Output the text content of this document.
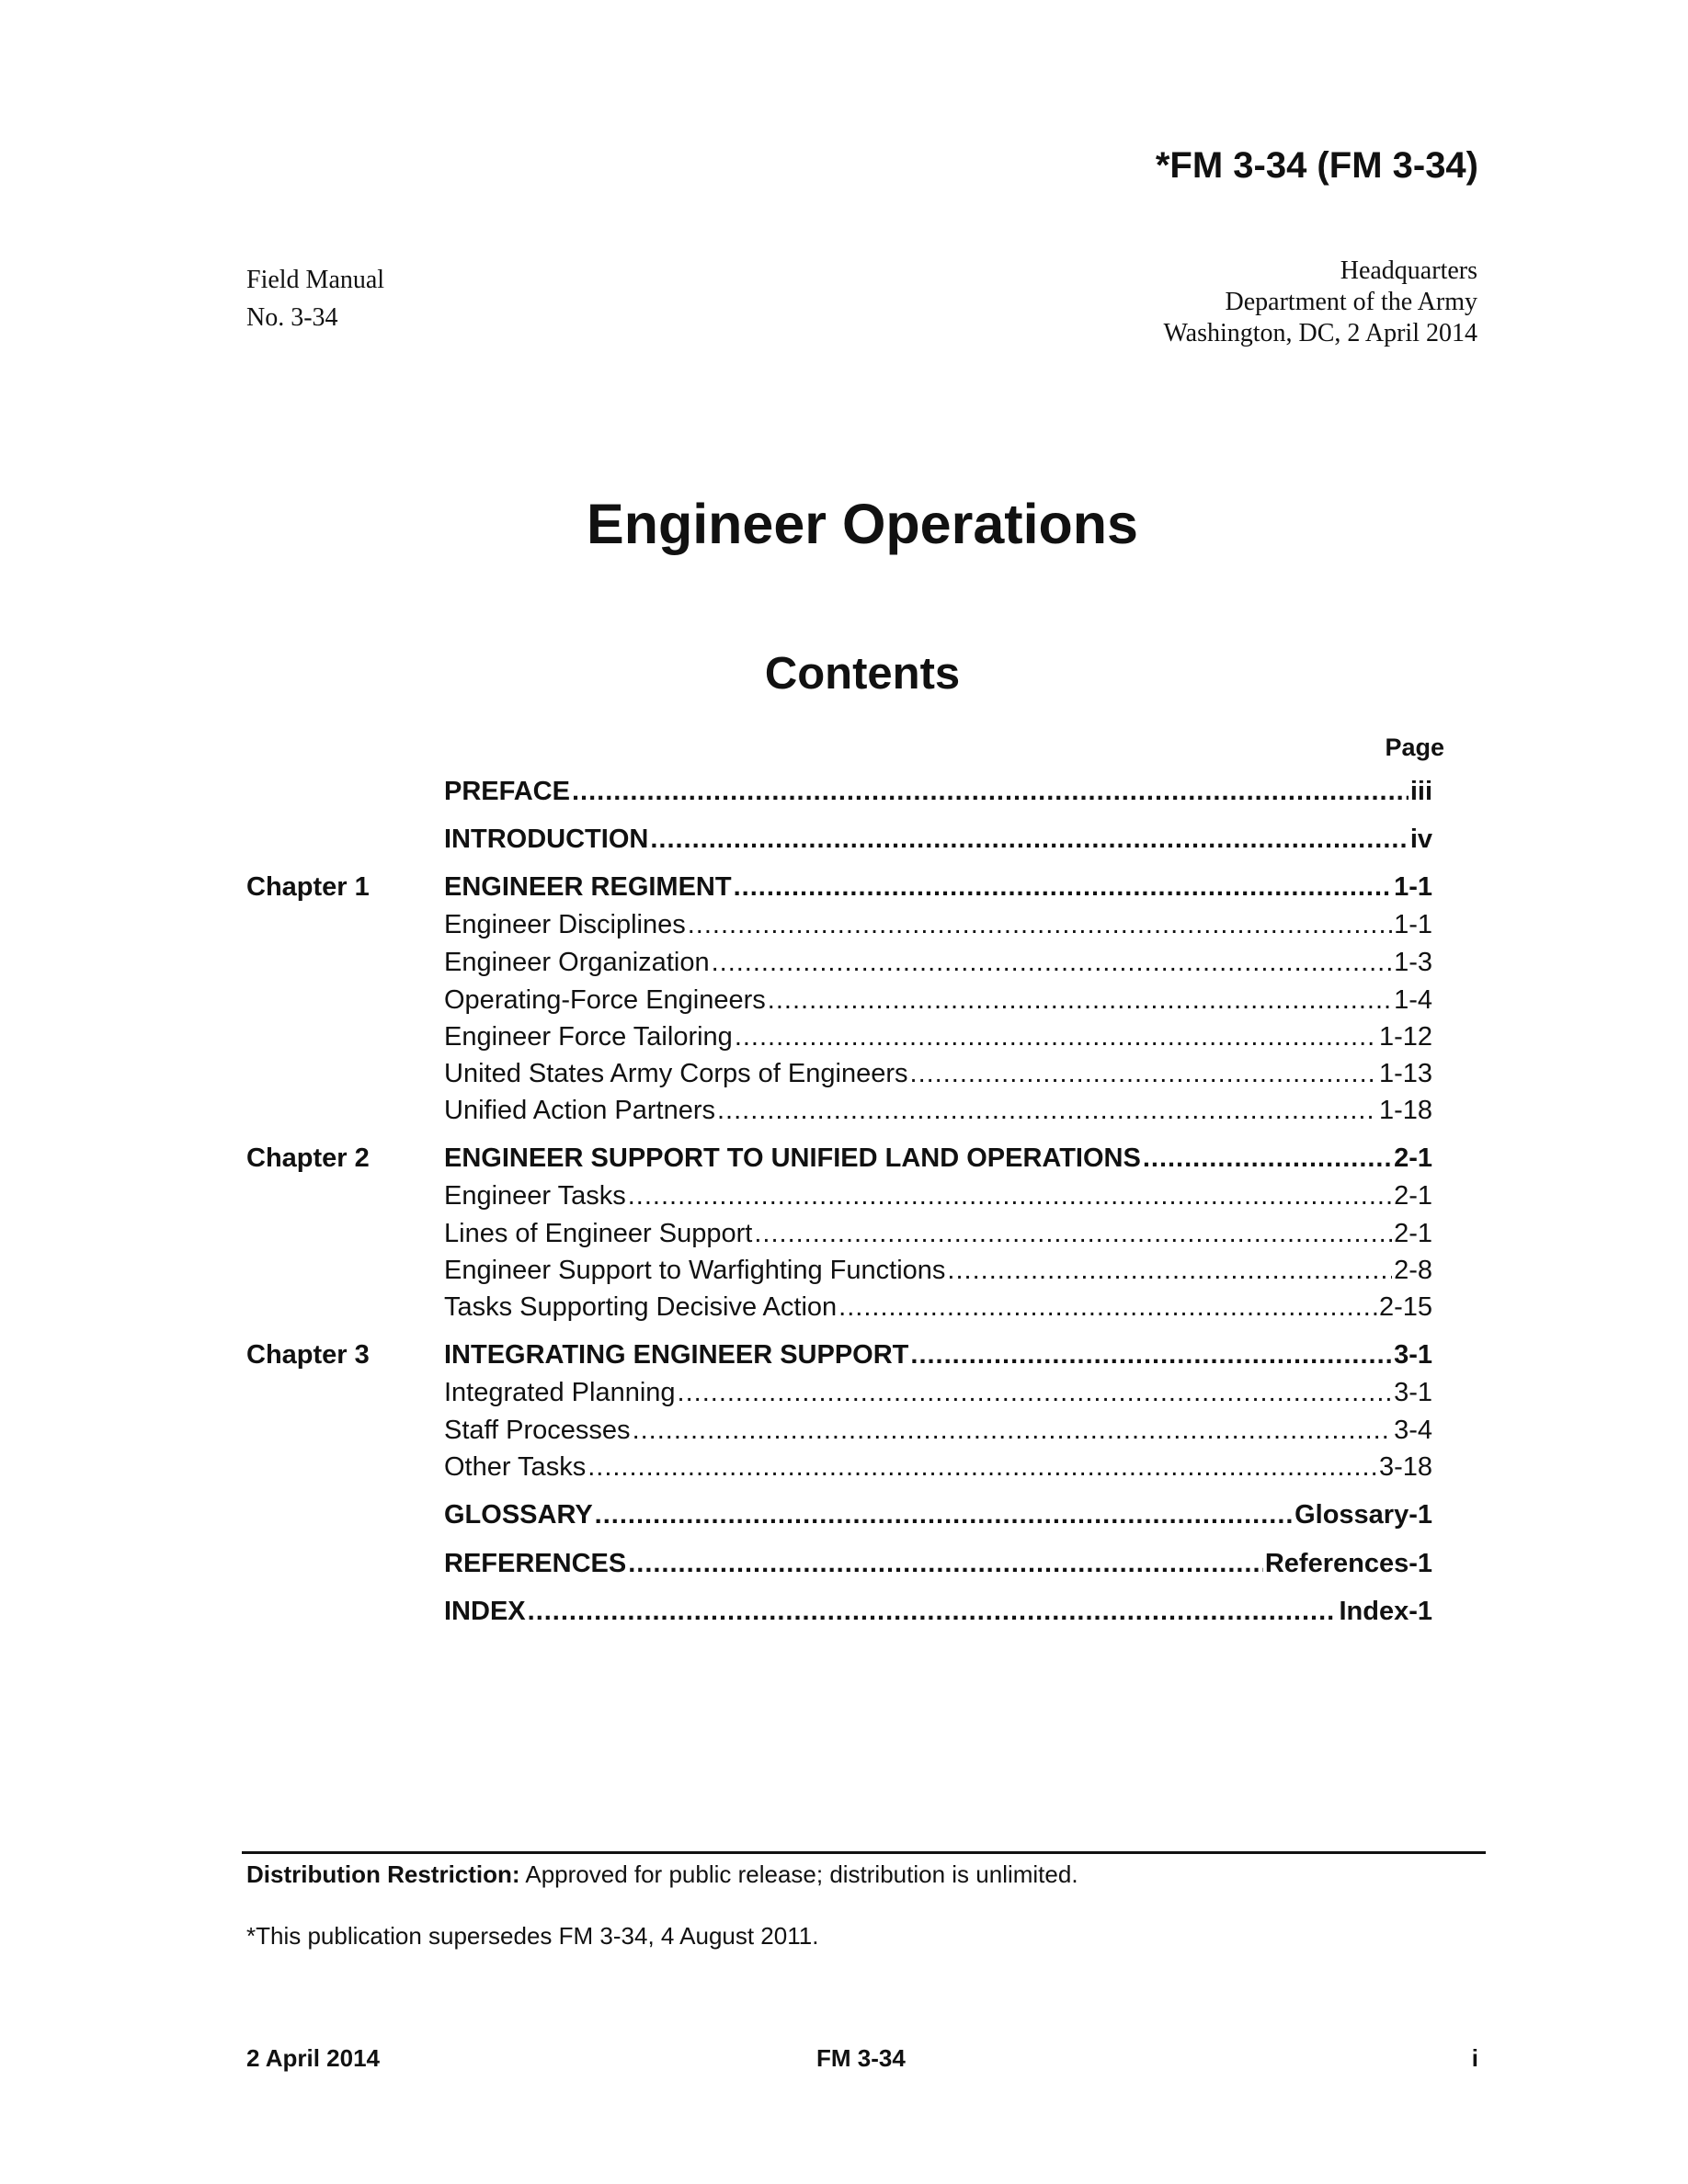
*FM 3-34 (FM 3-34)
Field Manual
No. 3-34
Headquarters
Department of the Army
Washington, DC, 2 April 2014
Engineer Operations
Contents
Page
PREFACE .....	iii
INTRODUCTION .....	iv
Chapter 1	ENGINEER REGIMENT .....	1-1
Engineer Disciplines .....	1-1
Engineer Organization .....	1-3
Operating-Force Engineers .....	1-4
Engineer Force Tailoring .....	1-12
United States Army Corps of Engineers .....	1-13
Unified Action Partners .....	1-18
Chapter 2	ENGINEER SUPPORT TO UNIFIED LAND OPERATIONS .....	2-1
Engineer Tasks .....	2-1
Lines of Engineer Support .....	2-1
Engineer Support to Warfighting Functions .....	2-8
Tasks Supporting Decisive Action .....	2-15
Chapter 3	INTEGRATING ENGINEER SUPPORT .....	3-1
Integrated Planning .....	3-1
Staff Processes .....	3-4
Other Tasks .....	3-18
GLOSSARY .....	Glossary-1
REFERENCES .....	References-1
INDEX .....	Index-1
Distribution Restriction: Approved for public release; distribution is unlimited.
*This publication supersedes FM 3-34, 4 August 2011.
2 April 2014	FM 3-34	i
